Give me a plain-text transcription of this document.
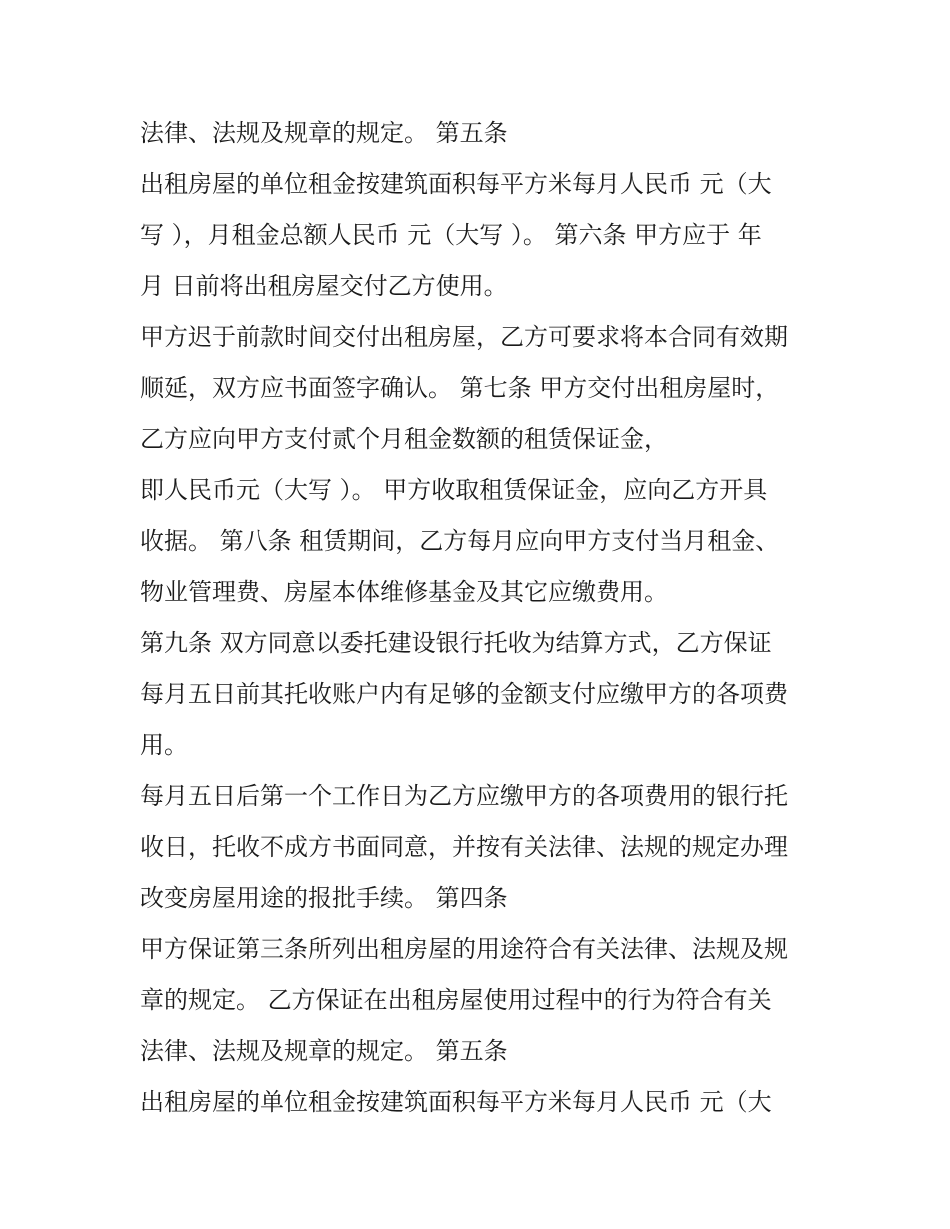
法律、法规及规章的规定。 第五条
出租房屋的单位租金按建筑面积每平方米每月人民币 元（大
写 ），月租金总额人民币 元（大写 ）。 第六条 甲方应于 年
月 日前将出租房屋交付乙方使用。
甲方迟于前款时间交付出租房屋，乙方可要求将本合同有效期
顺延，双方应书面签字确认。 第七条 甲方交付出租房屋时，
乙方应向甲方支付贰个月租金数额的租赁保证金，
即人民币元（大写 ）。 甲方收取租赁保证金，应向乙方开具
收据。 第八条 租赁期间，乙方每月应向甲方支付当月租金、
物业管理费、房屋本体维修基金及其它应缴费用。
第九条 双方同意以委托建设银行托收为结算方式，乙方保证
每月五日前其托收账户内有足够的金额支付应缴甲方的各项费
用。
每月五日后第一个工作日为乙方应缴甲方的各项费用的银行托
收日，托收不成方书面同意，并按有关法律、法规的规定办理
改变房屋用途的报批手续。 第四条
甲方保证第三条所列出租房屋的用途符合有关法律、法规及规
章的规定。 乙方保证在出租房屋使用过程中的行为符合有关
法律、法规及规章的规定。 第五条
出租房屋的单位租金按建筑面积每平方米每月人民币 元（大
